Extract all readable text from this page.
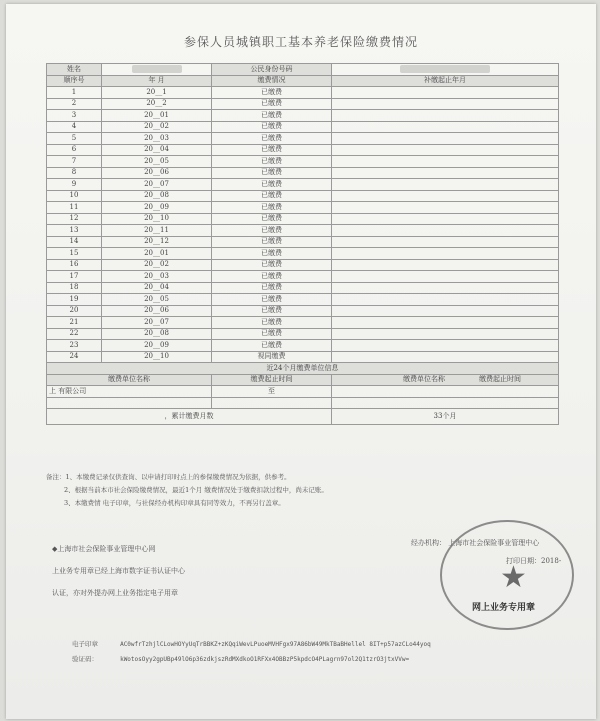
参保人员城镇职工基本养老保险缴费情况
姓名		公民身份号码	
顺序号	年 月	缴费情况	补缴起止年月
1	20__1	已缴费	
2	20__2	已缴费	
3	20__01	已缴费	
4	20__02	已缴费	
5	20__03	已缴费	
6	20__04	已缴费	
7	20__05	已缴费	
8	20__06	已缴费	
9	20__07	已缴费	
10	20__08	已缴费	
11	20__09	已缴费	
12	20__10	已缴费	
13	20__11	已缴费	
14	20__12	已缴费	
15	20__01	已缴费	
16	20__02	已缴费	
17	20__03	已缴费	
18	20__04	已缴费	
19	20__05	已缴费	
20	20__06	已缴费	
21	20__07	已缴费	
22	20__08	已缴费	
23	20__09	已缴费	
24	20__10	视同缴费	
近24个月缴费单位信息			
缴费单位名称		缴费起止时间	缴费单位名称 缴费起止时间
上 有限公司		至	

，累计缴费月数			33个月
备注：1、本缴费记录仅供查询、以申请打印时点上的参保缴费情况为依据，供参考。
2、根据当前本市社会保险缴费情况，最近1个月 缴费情况处于缴费扣款过程中，尚未记账。
3、本缴费情 电子印章，与社保经办机构印章具有同等效力，不再另行盖章。
◆上海市社会保险事业管理中心网
上业务专用章已经上海市数字证书认证中心
认证，亦对外提办网上业务指定电子用章
经办机构： 上海市社会保险事业管理中心
打印日期：2018-
★
网上业务专用章
电子印章	AC0wfrTzhjlCLowHOYyUqTrBBKZ+zKQqiWevLPuoeMVHFgx97A86bW49MkTBaBHellel 8IT+p57azCLo44yoq
验证码：	kWotosOyy2gpUBp49lO6p36zdkjszRdMXdkoO1RFXx4OBBzP5kpdcO4PLagrn97ol2Q1tzrO3jtxVVw=
